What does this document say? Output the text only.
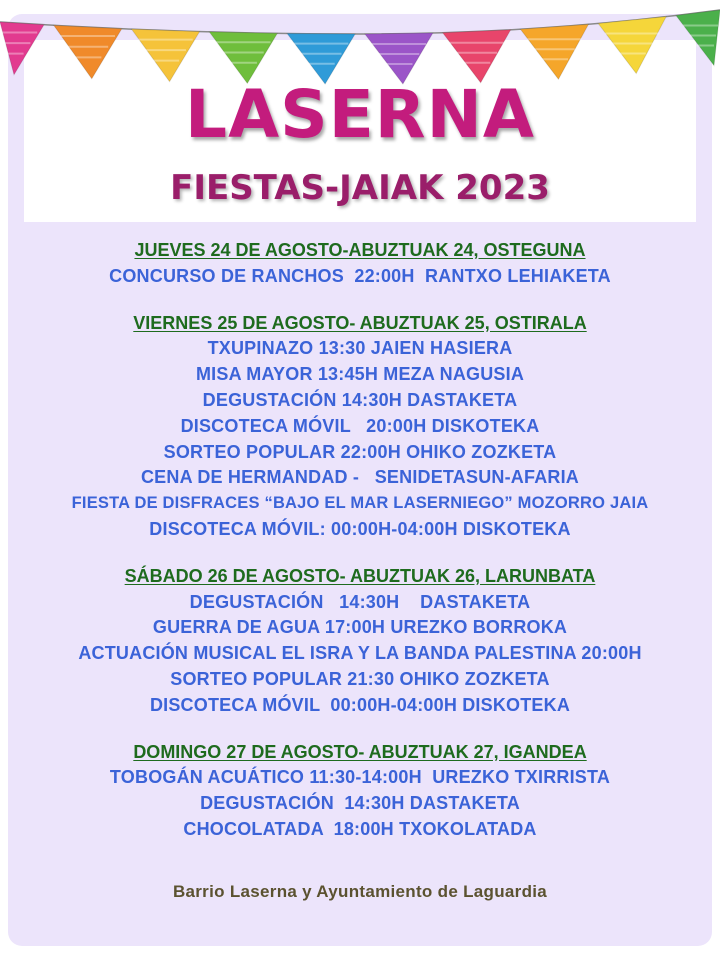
LASERNA
FIESTAS-JAIAK 2023
JUEVES 24 DE AGOSTO-ABUZTUAK 24, OSTEGUNA
CONCURSO DE RANCHOS  22:00H  RANTXO LEHIAKETA
VIERNES 25 DE AGOSTO- ABUZTUAK 25, OSTIRALA
TXUPINAZO 13:30 JAIEN HASIERA
MISA MAYOR 13:45H MEZA NAGUSIA
DEGUSTACIÓN 14:30H DASTAKETA
DISCOTECA MÓVIL   20:00H DISKOTEKA
SORTEO POPULAR 22:00H OHIKO ZOZKETA
CENA DE HERMANDAD -   SENIDETASUN-AFARIA
FIESTA DE DISFRACES “BAJO EL MAR LASERNIEGO” MOZORRO JAIA
DISCOTECA MÓVIL: 00:00H-04:00H DISKOTEKA
SÁBADO 26 DE AGOSTO- ABUZTUAK 26, LARUNBATA
DEGUSTACIÓN   14:30H    DASTAKETA
GUERRA DE AGUA 17:00H UREZKO BORROKA
ACTUACIÓN MUSICAL EL ISRA Y LA BANDA PALESTINA 20:00H
SORTEO POPULAR 21:30 OHIKO ZOZKETA
DISCOTECA MÓVIL  00:00H-04:00H DISKOTEKA
DOMINGO 27 DE AGOSTO- ABUZTUAK 27, IGANDEA
TOBOGÁN ACUÁTICO 11:30-14:00H  UREZKO TXIRRISTA
DEGUSTACIÓN  14:30H DASTAKETA
CHOCOLATADA  18:00H TXOKOLATADA
Barrio Laserna y Ayuntamiento de Laguardia
